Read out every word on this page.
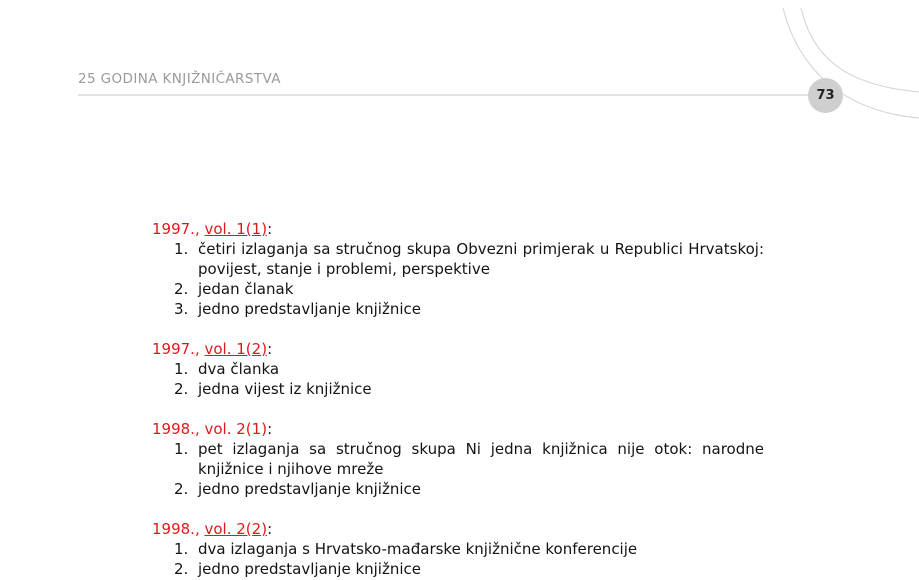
25 GODINA KNJIŽNIČARSTVA
73
1997., vol. 1(1):
1. četiri izlaganja sa stručnog skupa Obvezni primjerak u Republici Hrvatskoj: povijest, stanje i problemi, perspektive
2. jedan članak
3. jedno predstavljanje knjižnice
1997., vol. 1(2):
1. dva članka
2. jedna vijest iz knjižnice
1998., vol. 2(1):
1. pet izlaganja sa stručnog skupa Ni jedna knjižnica nije otok: narodne knjižnice i njihove mreže
2. jedno predstavljanje knjižnice
1998., vol. 2(2):
1. dva izlaganja s Hrvatsko-mađarske knjižnične konferencije
2. jedno predstavljanje knjižnice
